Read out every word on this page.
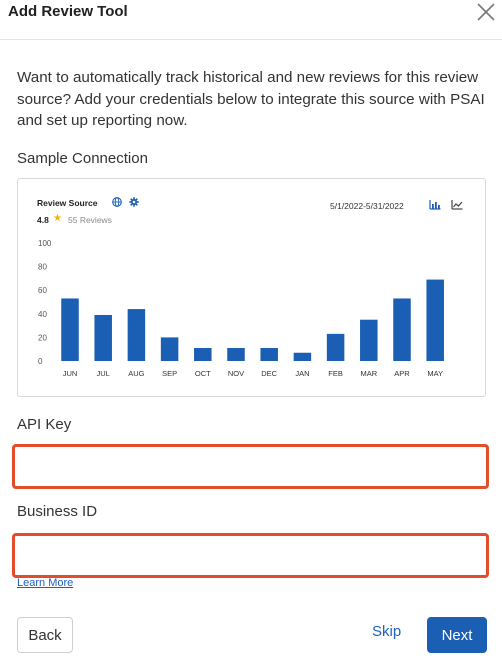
Add Review Tool

Want to automatically track historical and new reviews for this review source? Add your credentials below to integrate this source with PSAI and set up reporting now.

Sample Connection
Review Source
4.8 ★ 55 Reviews
5/1/2022-5/31/2022
0
20
40
60
80
100
JUN	JUL AUG SEP OCT NOV DEC JAN	FEB MAR APR MAY
API Key
Business ID
Learn More
Back	Skip	Next
